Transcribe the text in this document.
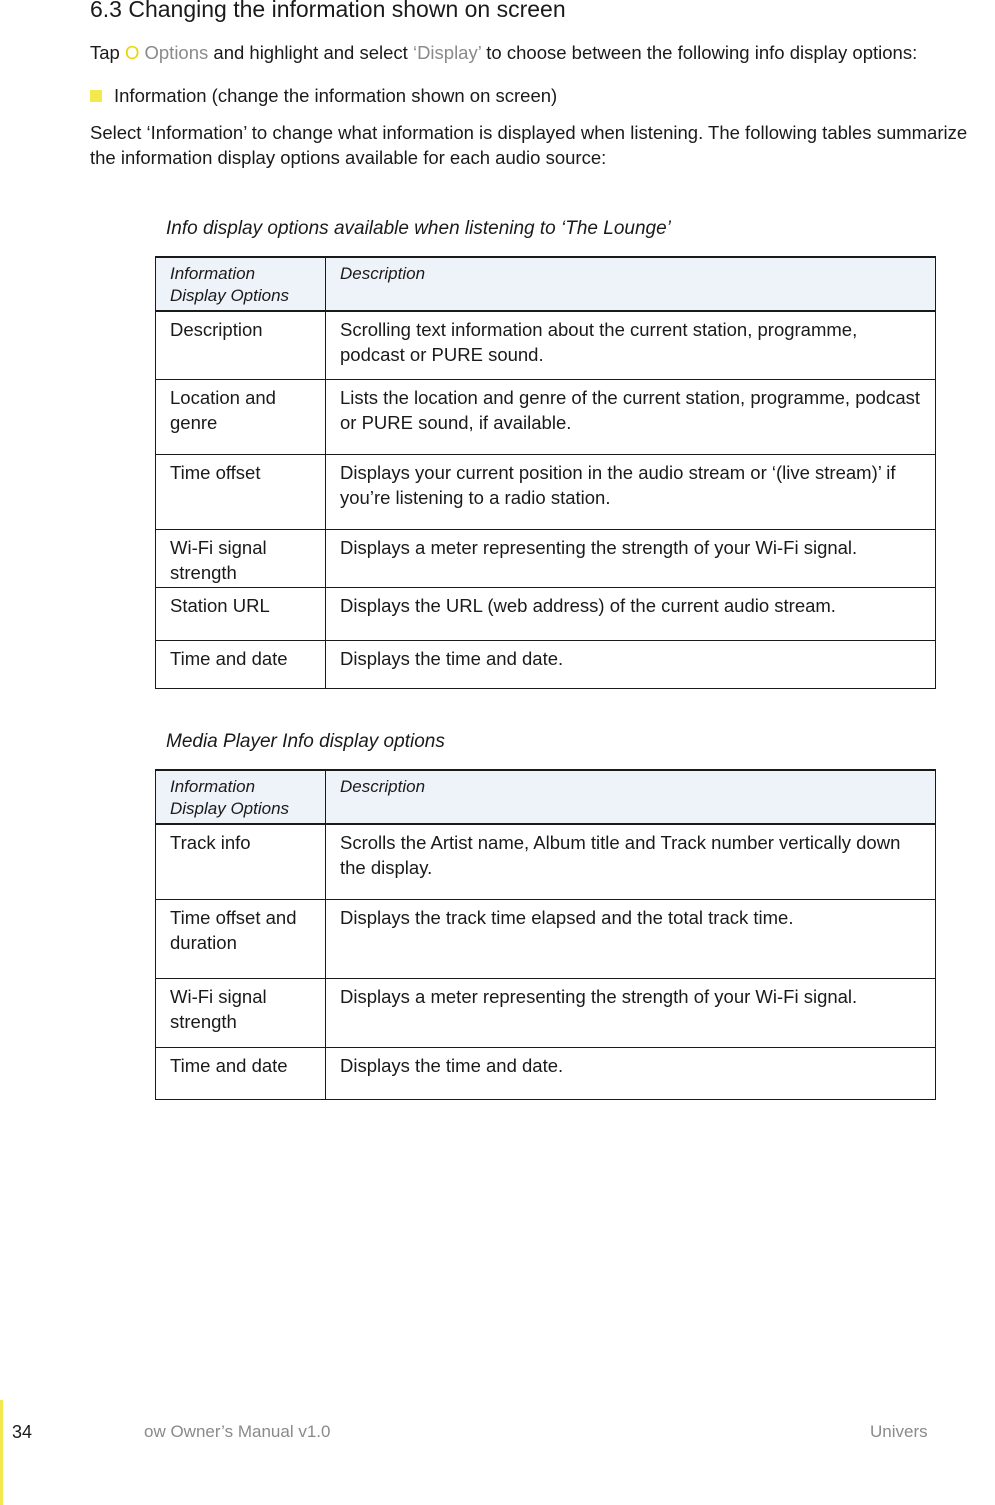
6.3 Changing the information shown on screen

Tap O Options and highlight and select ‘Display’ to choose between the following info display options:

Information (change the information shown on screen)

Select ‘Information’ to change what information is displayed when listening. The following tables summarize the information display options available for each audio source:

Info display options available when listening to ‘The Lounge’
Information Display Options	Description
Description	Scrolling text information about the current station, programme, podcast or PURE sound.
Location and genre	Lists the location and genre of the current station, programme, podcast or PURE sound, if available.
Time offset	Displays your current position in the audio stream or ‘(live stream)’ if you’re listening to a radio station.
Wi-Fi signal strength	Displays a meter representing the strength of your Wi-Fi signal.
Station URL	Displays the URL (web address) of the current audio stream.
Time and date	Displays the time and date.
Media Player Info display options
Information Display Options	Description
Track info	Scrolls the Artist name, Album title and Track number vertically down the display.
Time offset and duration	Displays the track time elapsed and the total track time.
Wi-Fi signal strength	Displays a meter representing the strength of your Wi-Fi signal.
Time and date	Displays the time and date.
34	ow Owner’s Manual v1.0	Univers
